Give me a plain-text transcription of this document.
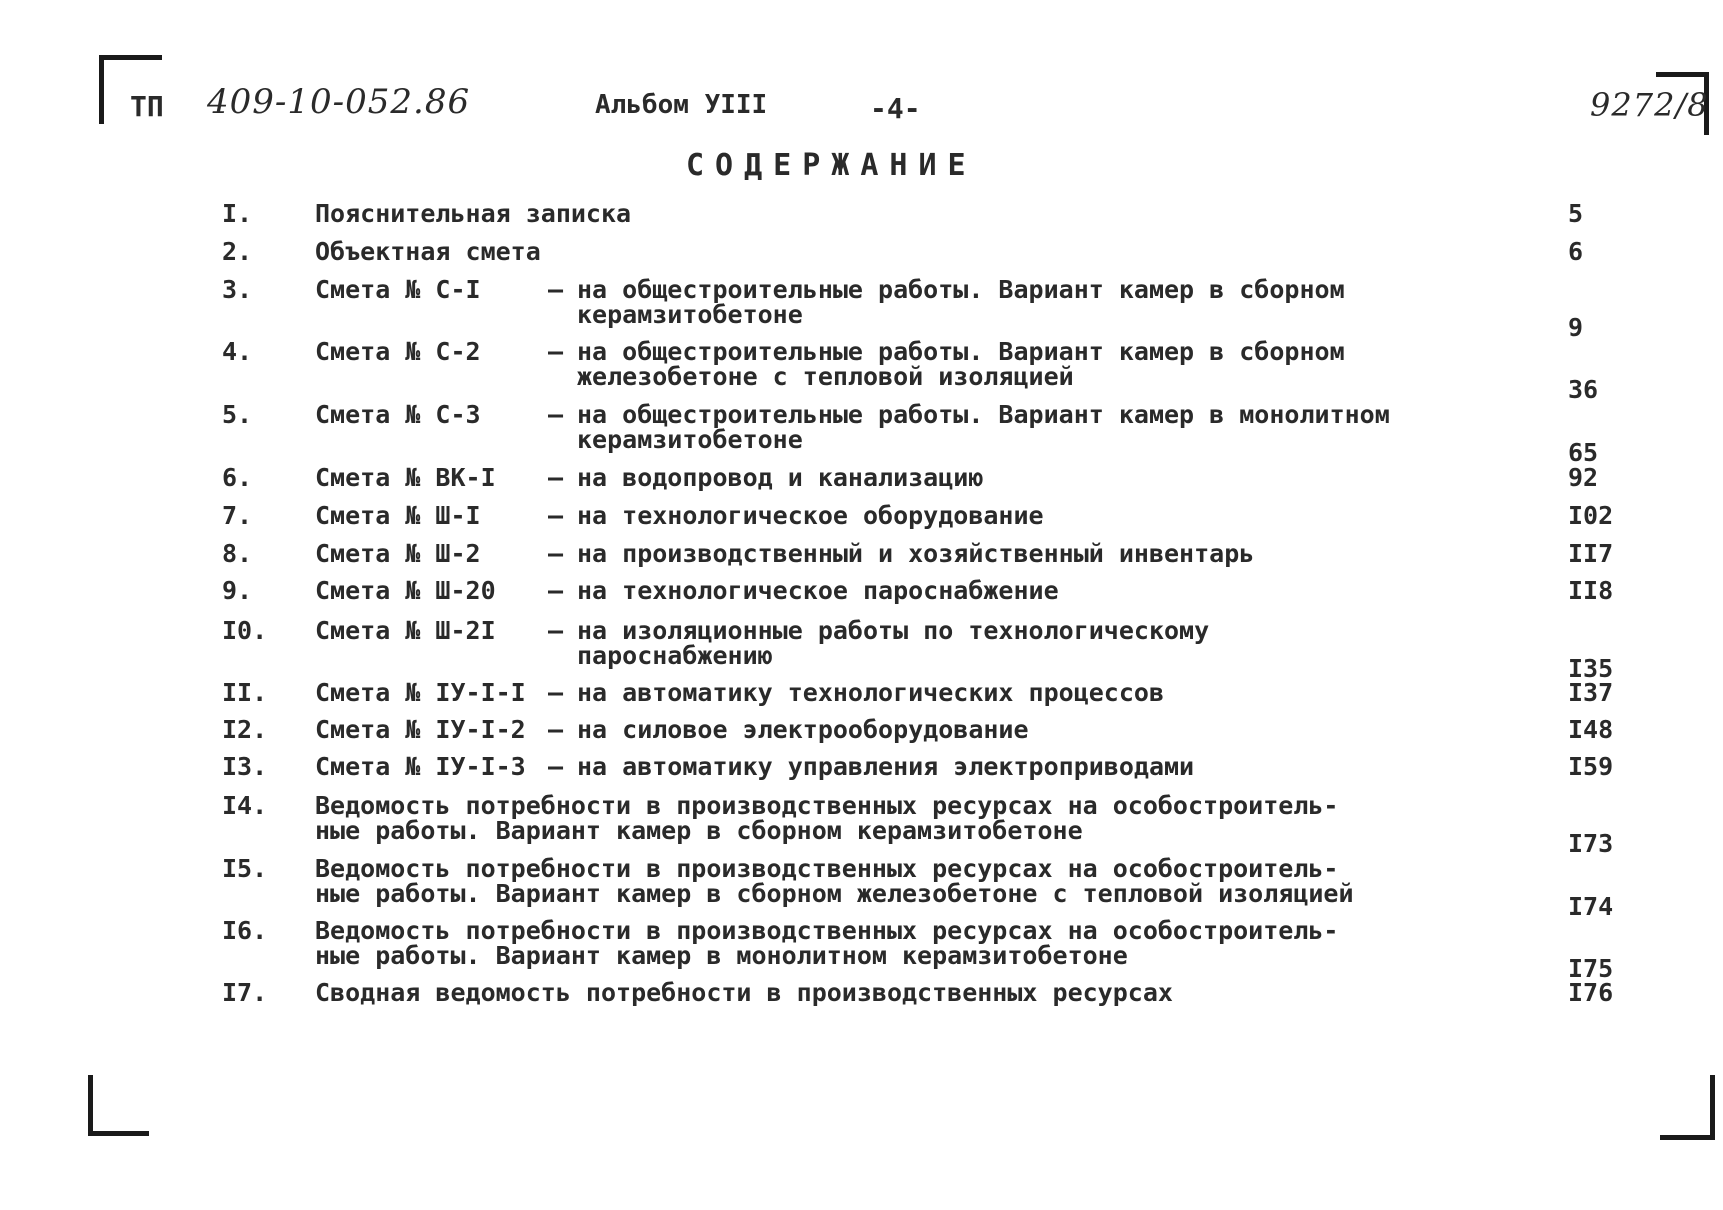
ТП 409-10-052.86	Альбом УIII	-4-	9272/8
СОДЕРЖАНИЕ
I.	Пояснительная записка	5
2.	Объектная смета	6
3.	Смета № С-I	– на общестроительные работы. Вариант камер в сборном
керамзитобетоне	9
4.	Смета № С-2	– на общестроительные работы. Вариант камер в сборном
железобетоне с тепловой изоляцией	36
5.	Смета № С-3	– на общестроительные работы. Вариант камер в монолитном
керамзитобетоне	65
6.	Смета № ВК-I – на водопровод и канализацию	92
7.	Смета № Ш-I	– на технологическое оборудование	I02
8.	Смета № Ш-2	– на производственный и хозяйственный инвентарь	II7
9.	Смета № Ш-20 – на технологическое пароснабжение	II8
I0. Смета № Ш-2I – на изоляционные работы по технологическому
пароснабжению	I35
II. Смета № IУ-I-I – на автоматику технологических процессов	I37
I2. Смета № IУ-I-2 – на силовое электрооборудование	I48
I3. Смета № IУ-I-3 – на автоматику управления электроприводами	I59
I4. Ведомость потребности в производственных ресурсах на особостроитель-
ные работы. Вариант камер в сборном керамзитобетоне	I73
I5. Ведомость потребности в производственных ресурсах на особостроитель-
ные работы. Вариант камер в сборном железобетоне с тепловой изоляцией	I74
I6. Ведомость потребности в производственных ресурсах на особостроитель-
ные работы. Вариант камер в монолитном керамзитобетоне	I75
I7. Сводная ведомость потребности в производственных ресурсах	I76
